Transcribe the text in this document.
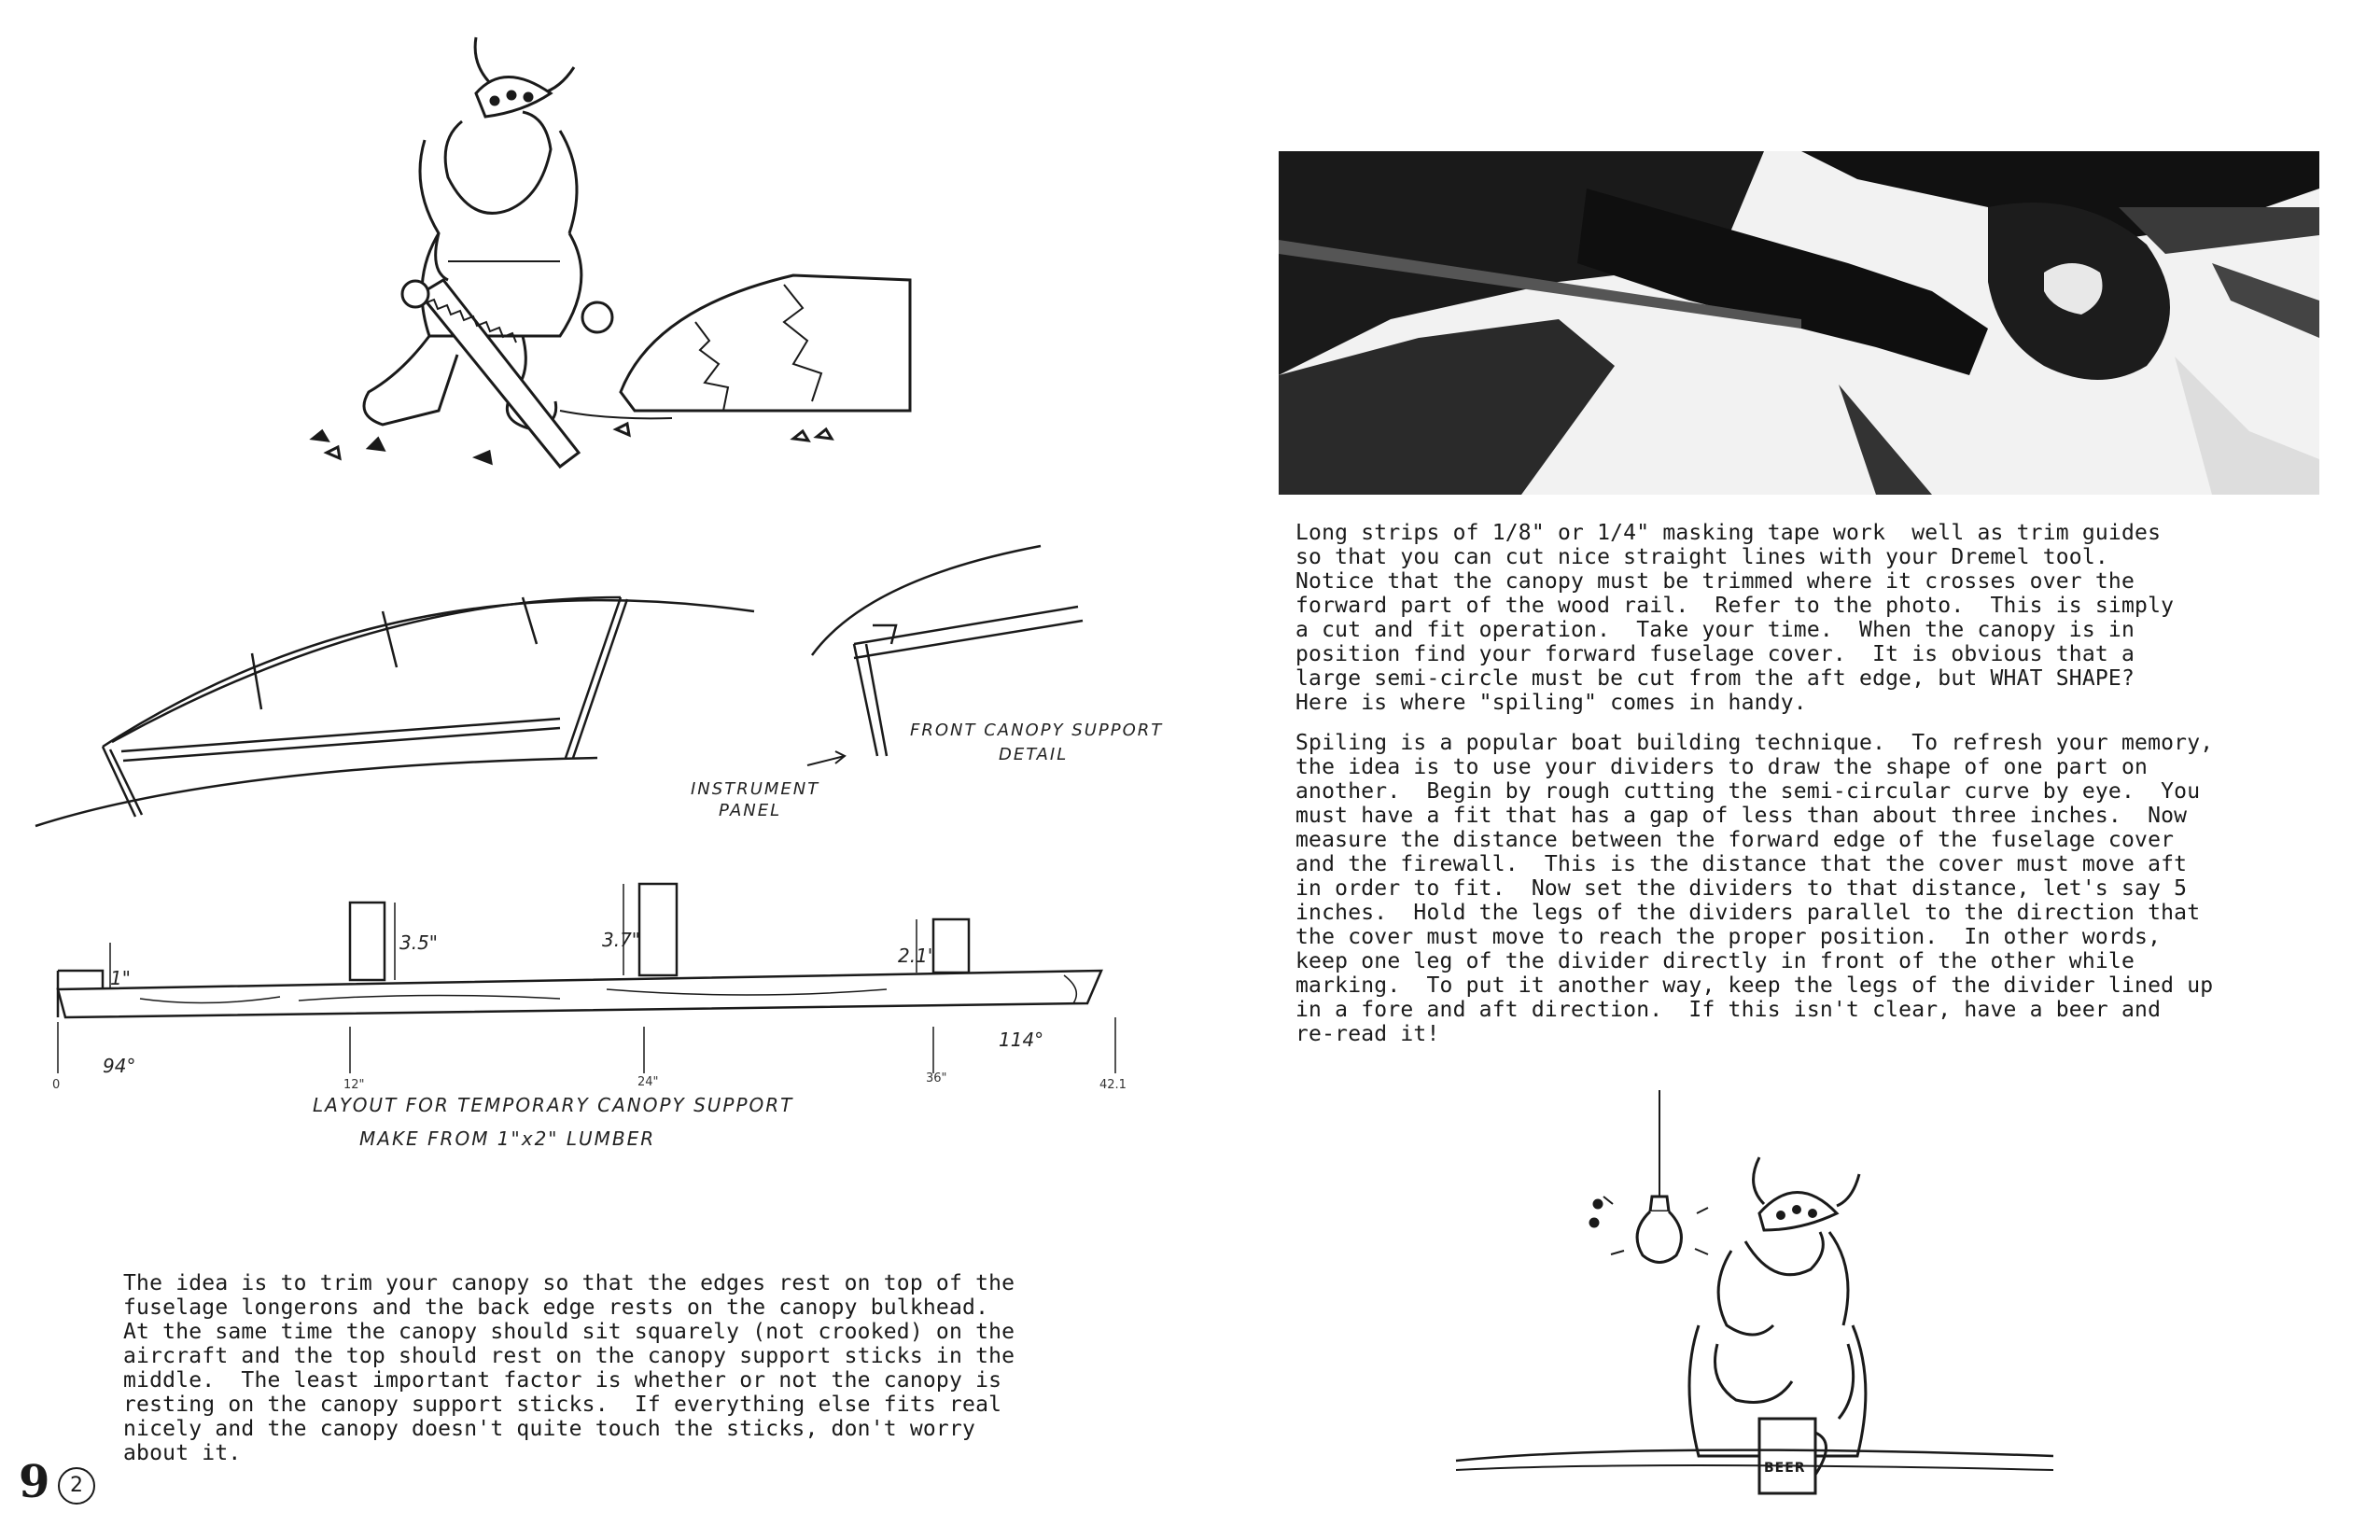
FRONT CANOPY SUPPORT
DETAIL
INSTRUMENT
PANEL
1"
3.5"	3.7"
2.1"
94°
114°
0	12"	24"	36"	42.1
LAYOUT FOR TEMPORARY CANOPY SUPPORT
MAKE FROM 1"x2" LUMBER
The idea is to trim your canopy so that the edges rest on top of the
fuselage longerons and the back edge rests on the canopy bulkhead.
At the same time the canopy should sit squarely (not crooked) on the
aircraft and the top should rest on the canopy support sticks in the
middle.  The least important factor is whether or not the canopy is
resting on the canopy support sticks.  If everything else fits real
nicely and the canopy doesn't quite touch the sticks, don't worry
about it.
9 2
Long strips of 1/8" or 1/4" masking tape work  well as trim guides
so that you can cut nice straight lines with your Dremel tool.
Notice that the canopy must be trimmed where it crosses over the
forward part of the wood rail.  Refer to the photo.  This is simply
a cut and fit operation.  Take your time.  When the canopy is in
position find your forward fuselage cover.  It is obvious that a
large semi-circle must be cut from the aft edge, but WHAT SHAPE?
Here is where "spiling" comes in handy.
Spiling is a popular boat building technique.  To refresh your memory,
the idea is to use your dividers to draw the shape of one part on
another.  Begin by rough cutting the semi-circular curve by eye.  You
must have a fit that has a gap of less than about three inches.  Now
measure the distance between the forward edge of the fuselage cover
and the firewall.  This is the distance that the cover must move aft
in order to fit.  Now set the dividers to that distance, let's say 5
inches.  Hold the legs of the dividers parallel to the direction that
the cover must move to reach the proper position.  In other words,
keep one leg of the divider directly in front of the other while
marking.  To put it another way, keep the legs of the divider lined up
in a fore and aft direction.  If this isn't clear, have a beer and
re-read it!
BEER
